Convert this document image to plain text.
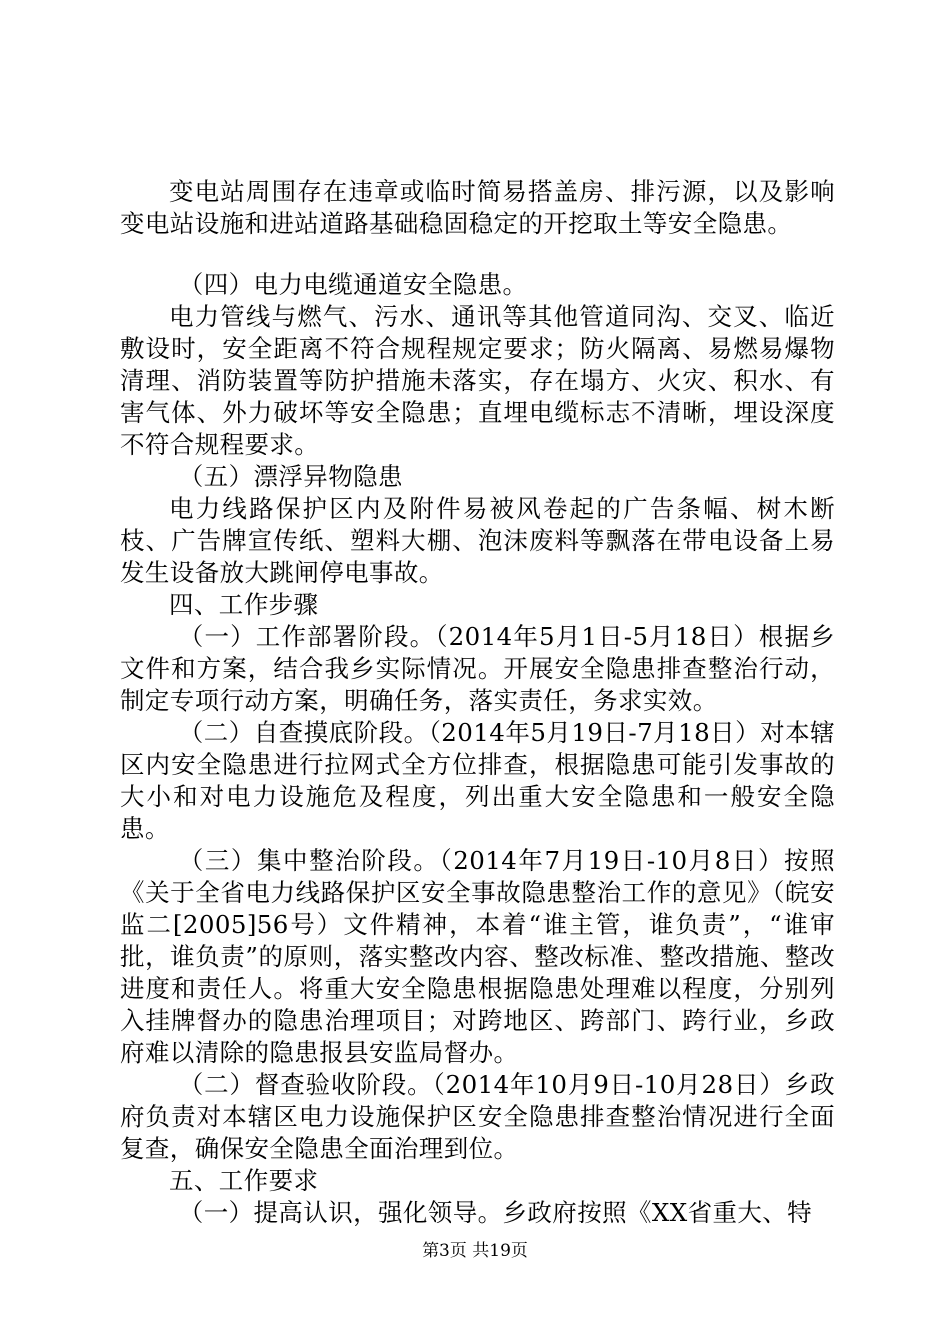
变电站周围存在违章或临时简易搭盖房、排污源，以及影响变电站设施和进站道路基础稳固稳定的开挖取土等安全隐患。

（四）电力电缆通道安全隐患。

电力管线与燃气、污水、通讯等其他管道同沟、交叉、临近敷设时，安全距离不符合规程规定要求；防火隔离、易燃易爆物清理、消防装置等防护措施未落实，存在塌方、火灾、积水、有害气体、外力破坏等安全隐患；直埋电缆标志不清晰，埋设深度不符合规程要求。

（五）漂浮异物隐患

电力线路保护区内及附件易被风卷起的广告条幅、树木断枝、广告牌宣传纸、塑料大棚、泡沫废料等飘落在带电设备上易发生设备放大跳闸停电事故。

四、工作步骤

（一）工作部署阶段。（2014年5月1日-5月18日）根据乡文件和方案，结合我乡实际情况。开展安全隐患排查整治行动，制定专项行动方案，明确任务，落实责任，务求实效。

（二）自查摸底阶段。（2014年5月19日-7月18日）对本辖区内安全隐患进行拉网式全方位排查，根据隐患可能引发事故的大小和对电力设施危及程度，列出重大安全隐患和一般安全隐患。

（三）集中整治阶段。（2014年7月19日-10月8日）按照《关于全省电力线路保护区安全事故隐患整治工作的意见》（皖安监二[2005]56号）文件精神，本着“谁主管，谁负责”，“谁审批，谁负责”的原则，落实整改内容、整改标准、整改措施、整改进度和责任人。将重大安全隐患根据隐患处理难以程度，分别列入挂牌督办的隐患治理项目；对跨地区、跨部门、跨行业，乡政府难以清除的隐患报县安监局督办。

（二）督查验收阶段。（2014年10月9日-10月28日）乡政府负责对本辖区电力设施保护区安全隐患排查整治情况进行全面复查，确保安全隐患全面治理到位。

五、工作要求

（一）提高认识，强化领导。乡政府按照《XX省重大、特

第3页 共19页
